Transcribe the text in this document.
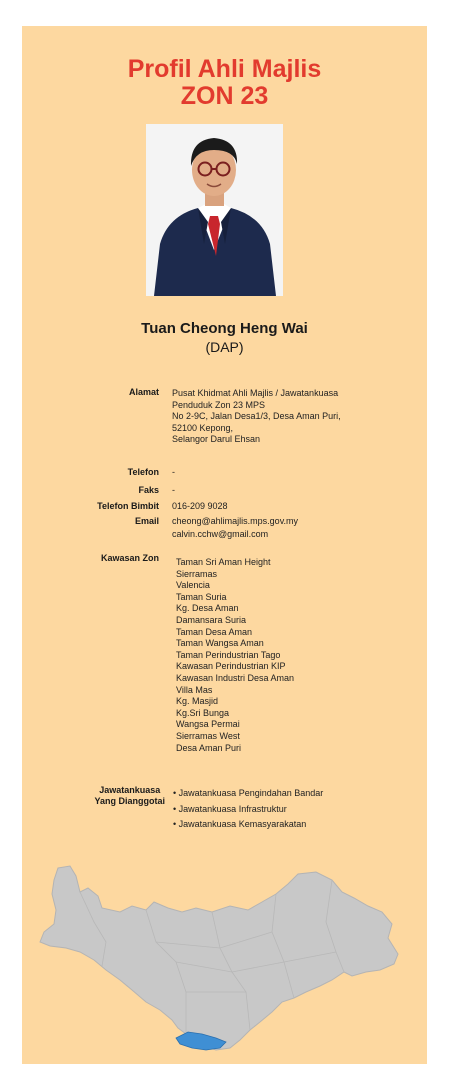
Profil Ahli Majlis
ZON 23
Tuan Cheong Heng Wai
(DAP)
Alamat Pusat Khidmat Ahli Majlis / Jawatankuasa
Penduduk Zon 23 MPS
No 2-9C, Jalan Desa1/3, Desa Aman Puri,
52100 Kepong,
Selangor Darul Ehsan
Telefon -
Faks -
Telefon Bimbit 016-209 9028
Email cheong@ahlimajlis.mps.gov.my
calvin.cchw@gmail.com
Kawasan Zon Taman Sri Aman Height
Sierramas
Valencia
Taman Suria
Kg. Desa Aman
Damansara Suria
Taman Desa Aman
Taman Wangsa Aman
Taman Perindustrian Tago
Kawasan Perindustrian KIP
Kawasan Industri Desa Aman
Villa Mas
Kg. Masjid
Kg.Sri Bunga
Wangsa Permai
Sierramas West
Desa Aman Puri
Jawatankuasa
Yang Dianggotai
• Jawatankuasa Pengindahan Bandar
• Jawatankuasa Infrastruktur
• Jawatankuasa Kemasyarakatan
